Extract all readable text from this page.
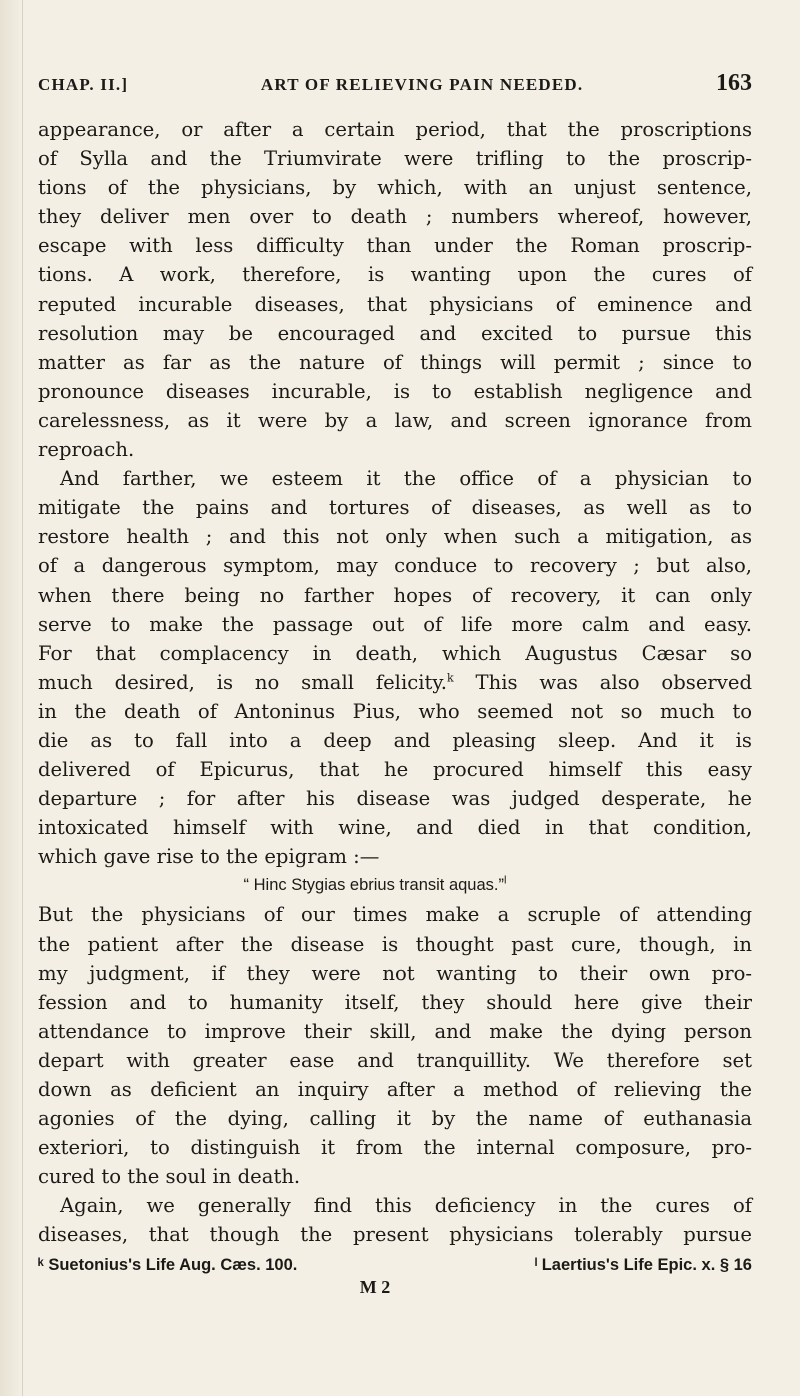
CHAP. II.]	ART OF RELIEVING PAIN NEEDED.	163

appearance, or after a certain period, that the proscriptions
of Sylla and the Triumvirate were trifling to the proscrip-
tions of the physicians, by which, with an unjust sentence,
they deliver men over to death ; numbers whereof, however,
escape with less difficulty than under the Roman proscrip-
tions. A work, therefore, is wanting upon the cures of
reputed incurable diseases, that physicians of eminence and
resolution may be encouraged and excited to pursue this
matter as far as the nature of things will permit ; since to
pronounce diseases incurable, is to establish negligence and
carelessness, as it were by a law, and screen ignorance from
reproach.

And farther, we esteem it the office of a physician to
mitigate the pains and tortures of diseases, as well as to
restore health ; and this not only when such a mitigation, as
of a dangerous symptom, may conduce to recovery ; but also,
when there being no farther hopes of recovery, it can only
serve to make the passage out of life more calm and easy.
For that complacency in death, which Augustus Cæsar so
much desired, is no small felicity.$^k$ This was also observed
in the death of Antoninus Pius, who seemed not so much to
die as to fall into a deep and pleasing sleep. And it is
delivered of Epicurus, that he procured himself this easy
departure ; for after his disease was judged desperate, he
intoxicated himself with wine, and died in that condition,
which gave rise to the epigram :—

“ Hinc Stygias ebrius transit aquas.”$^l$

But the physicians of our times make a scruple of attending
the patient after the disease is thought past cure, though, in
my judgment, if they were not wanting to their own pro-
fession and to humanity itself, they should here give their
attendance to improve their skill, and make the dying person
depart with greater ease and tranquillity. We therefore set
down as deficient an inquiry after a method of relieving the
agonies of the dying, calling it by the name of euthanasia
exteriori, to distinguish it from the internal composure, pro-
cured to the soul in death.

Again, we generally find this deficiency in the cures of
diseases, that though the present physicians tolerably pursue

ᵏ Suetonius's Life Aug. Cæs. 100.	ˡ Laertius's Life Epic. x. § 16
M 2
